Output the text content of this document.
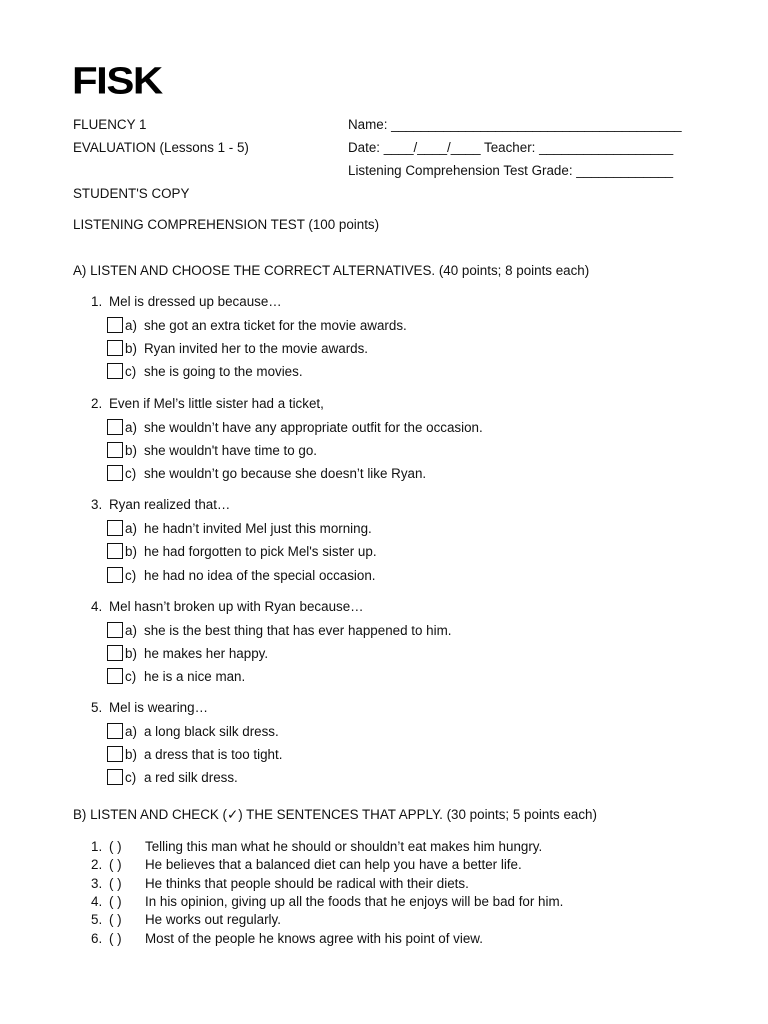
FISK
FLUENCY 1
EVALUATION (Lessons 1 - 5)
STUDENT'S COPY
Name: _______________________________________
Date: ____/____/____ Teacher: __________________
Listening Comprehension Test Grade: _____________
LISTENING COMPREHENSION TEST (100 points)
A) LISTEN AND CHOOSE THE CORRECT ALTERNATIVES. (40 points; 8 points each)
1. Mel is dressed up because…
a) she got an extra ticket for the movie awards.
b) Ryan invited her to the movie awards.
c) she is going to the movies.
2. Even if Mel’s little sister had a ticket,
a) she wouldn’t have any appropriate outfit for the occasion.
b) she wouldn't have time to go.
c) she wouldn’t go because she doesn’t like Ryan.
3. Ryan realized that…
a) he hadn’t invited Mel just this morning.
b) he had forgotten to pick Mel's sister up.
c) he had no idea of the special occasion.
4. Mel hasn’t broken up with Ryan because…
a) she is the best thing that has ever happened to him.
b) he makes her happy.
c) he is a nice man.
5. Mel is wearing…
a) a long black silk dress.
b) a dress that is too tight.
c) a red silk dress.
B) LISTEN AND CHECK (✓) THE SENTENCES THAT APPLY. (30 points; 5 points each)
1. ( ) Telling this man what he should or shouldn’t eat makes him hungry.
2. ( ) He believes that a balanced diet can help you have a better life.
3. ( ) He thinks that people should be radical with their diets.
4. ( ) In his opinion, giving up all the foods that he enjoys will be bad for him.
5. ( ) He works out regularly.
6. ( ) Most of the people he knows agree with his point of view.
